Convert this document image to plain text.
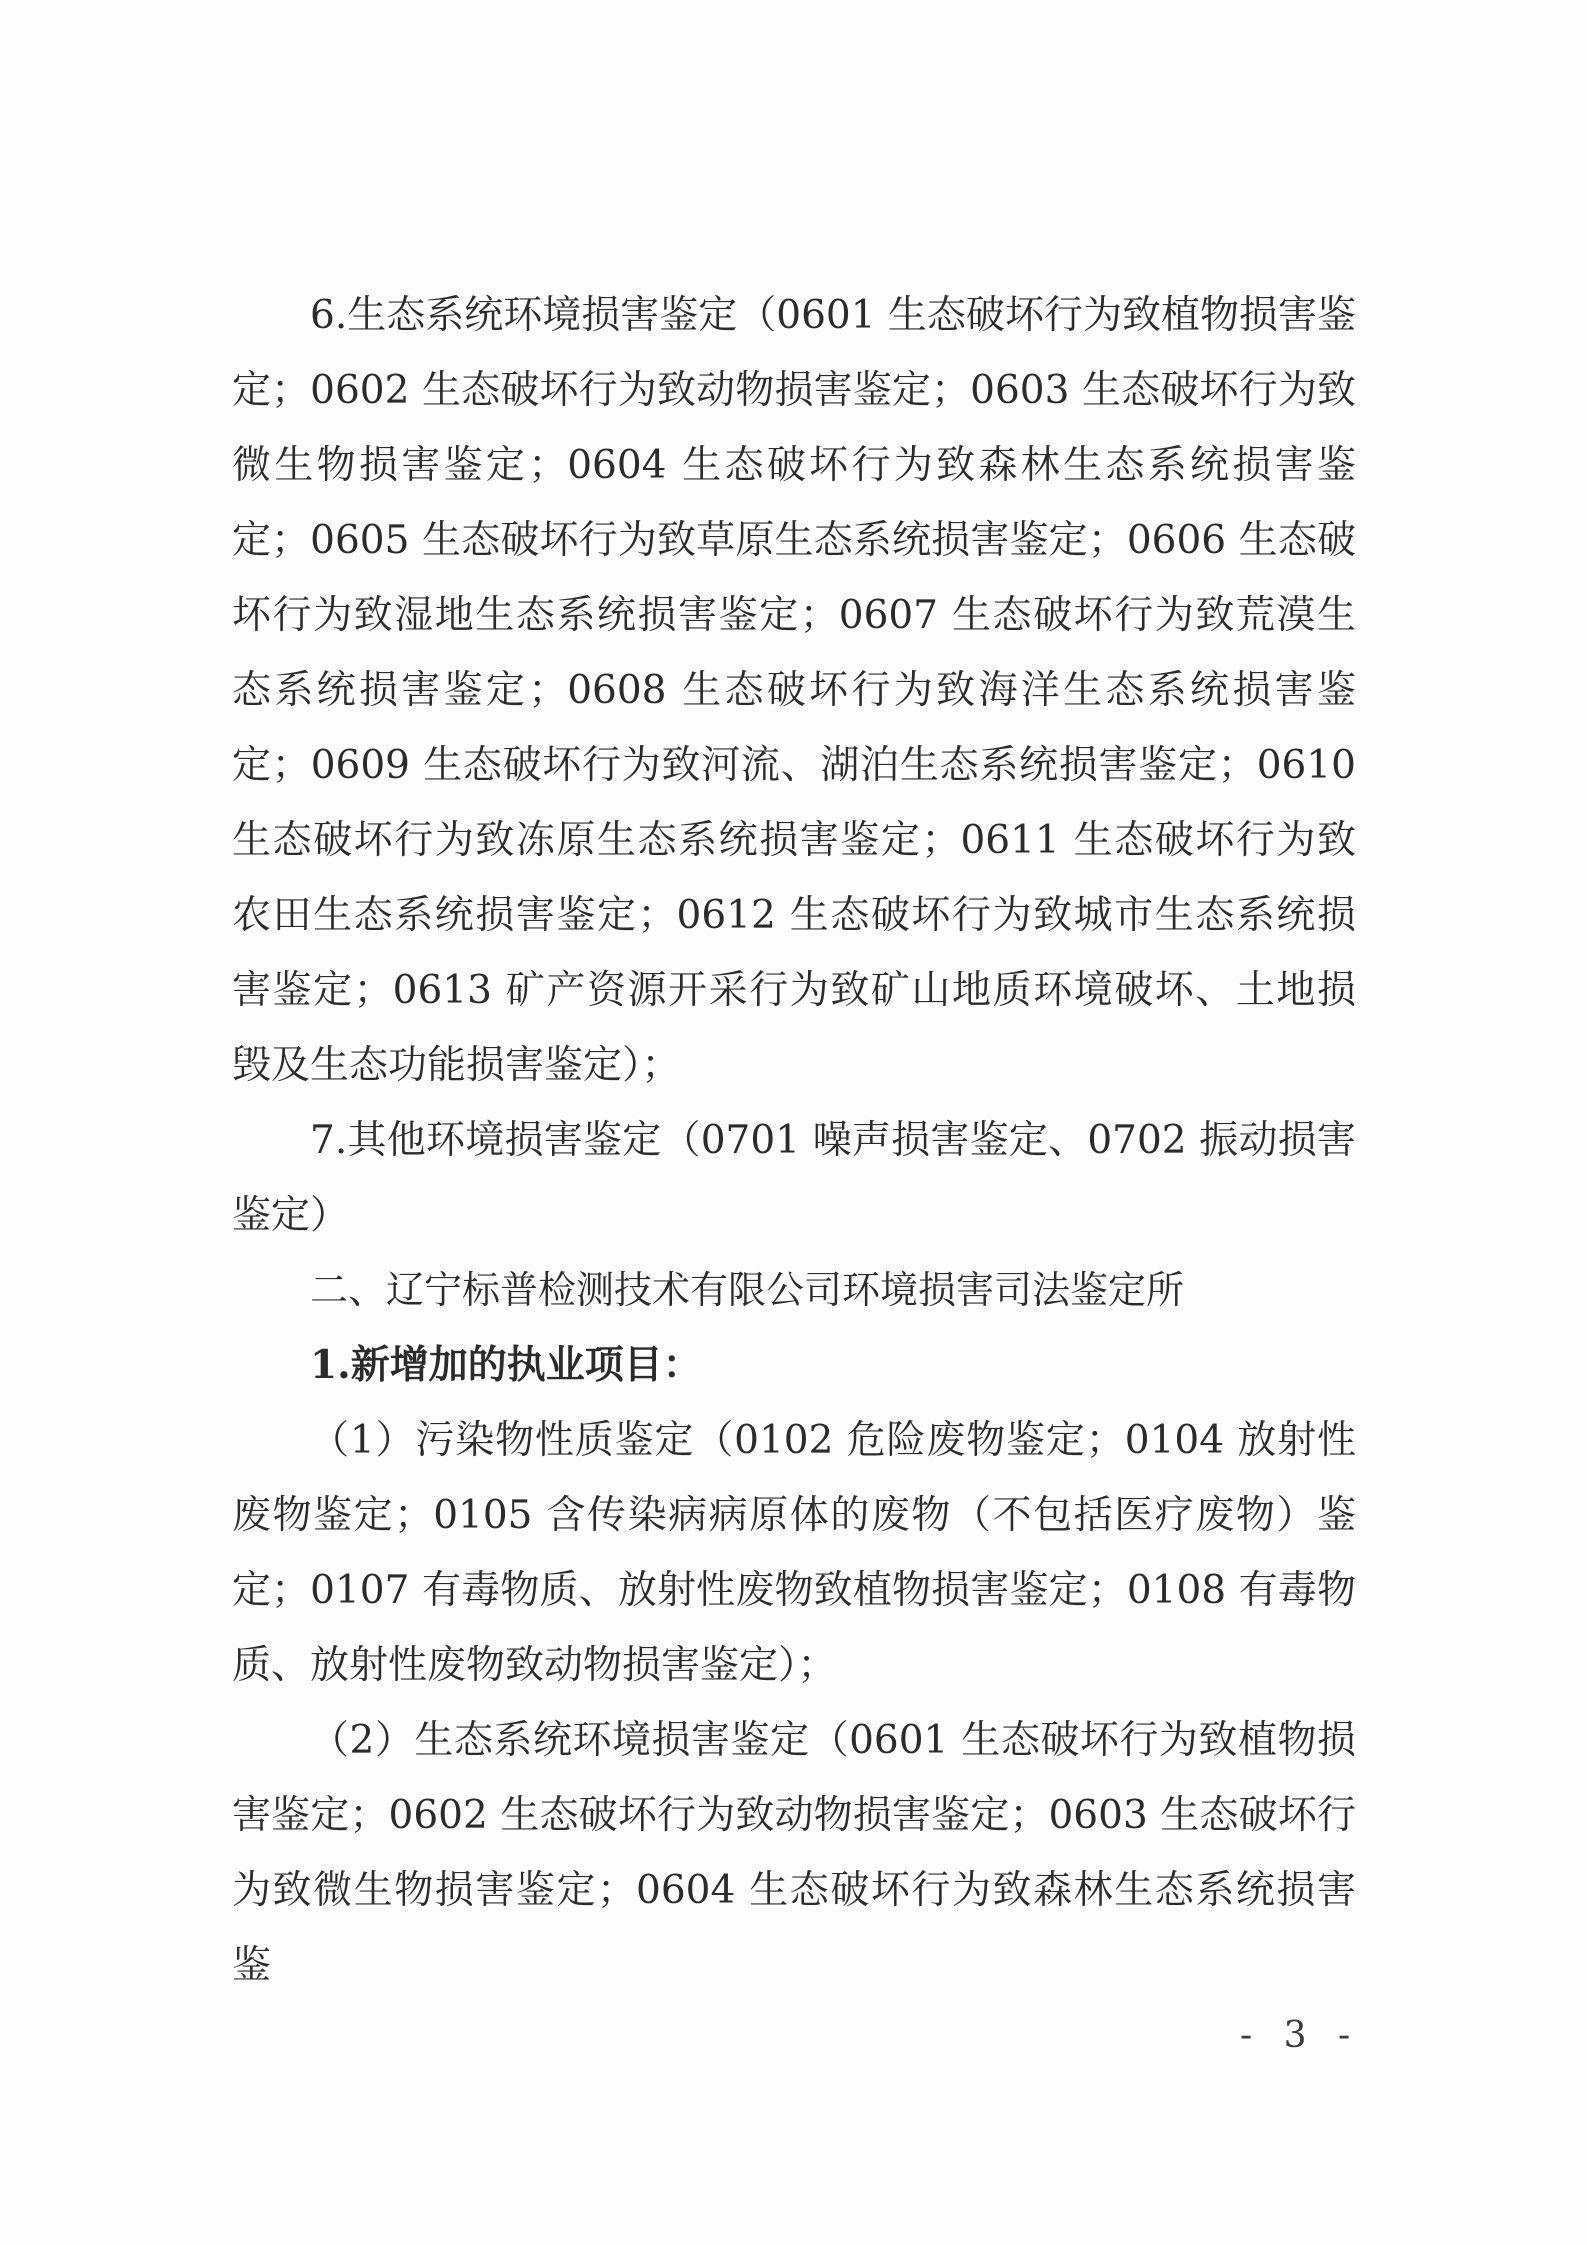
6.生态系统环境损害鉴定（0601 生态破坏行为致植物损害鉴定；0602 生态破坏行为致动物损害鉴定；0603 生态破坏行为致微生物损害鉴定；0604 生态破坏行为致森林生态系统损害鉴定；0605 生态破坏行为致草原生态系统损害鉴定；0606 生态破坏行为致湿地生态系统损害鉴定；0607 生态破坏行为致荒漠生态系统损害鉴定；0608 生态破坏行为致海洋生态系统损害鉴定；0609 生态破坏行为致河流、湖泊生态系统损害鉴定；0610 生态破坏行为致冻原生态系统损害鉴定；0611 生态破坏行为致农田生态系统损害鉴定；0612 生态破坏行为致城市生态系统损害鉴定；0613 矿产资源开采行为致矿山地质环境破坏、土地损毁及生态功能损害鉴定）；

7.其他环境损害鉴定（0701 噪声损害鉴定、0702 振动损害鉴定）

二、辽宁标普检测技术有限公司环境损害司法鉴定所

1.新增加的执业项目：

（1）污染物性质鉴定（0102 危险废物鉴定；0104 放射性废物鉴定；0105 含传染病病原体的废物（不包括医疗废物）鉴定；0107 有毒物质、放射性废物致植物损害鉴定；0108 有毒物质、放射性废物致动物损害鉴定）；

（2）生态系统环境损害鉴定（0601 生态破坏行为致植物损害鉴定；0602 生态破坏行为致动物损害鉴定；0603 生态破坏行为致微生物损害鉴定；0604 生态破坏行为致森林生态系统损害鉴

- 3 -
